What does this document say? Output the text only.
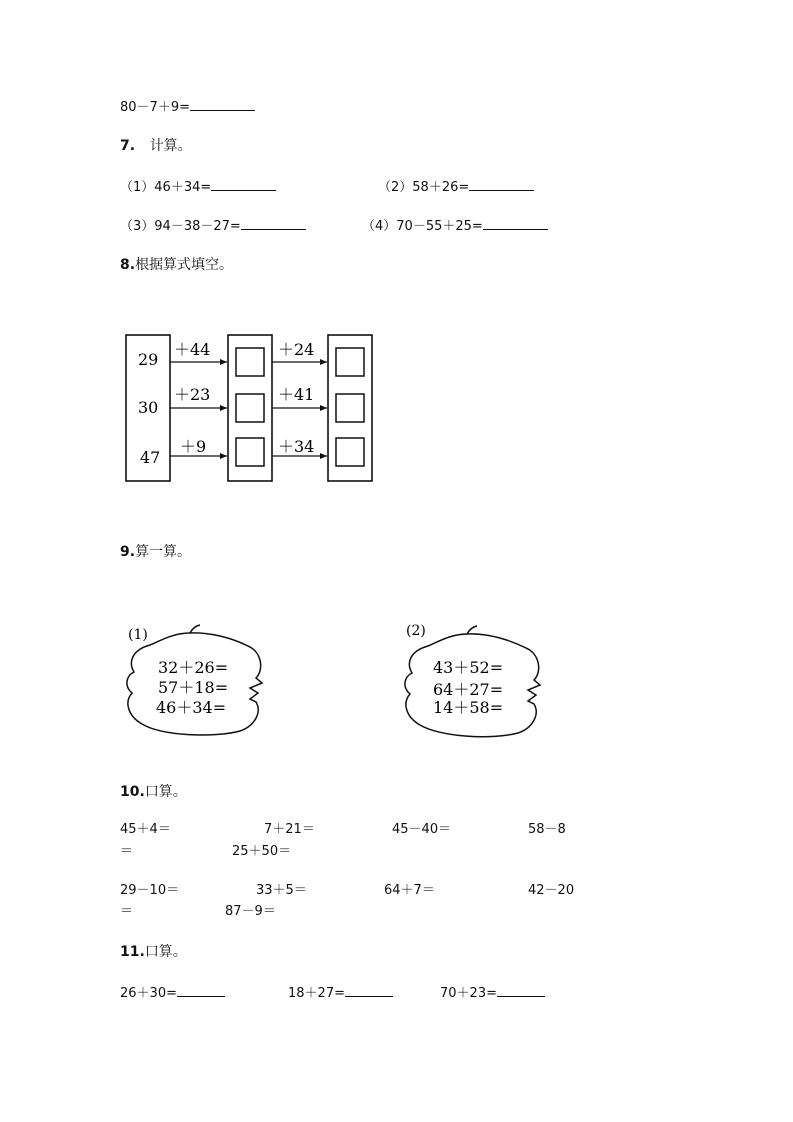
80－7＋9=
7. 计算。
（1）46＋34=	（2）58＋26=
（3）94－38－27=	（4）70－55＋25=
8.根据算式填空。
29
30
47
＋44
＋23
＋9
＋24
＋41
＋34
(1)
32＋26=
57＋18=
46＋34=
(2)
43＋52=
64＋27=
14＋58=
9.算一算。
10.口算。
45＋4＝	7＋21＝	45－40＝	58－8
＝	25＋50＝
29－10＝	33＋5＝	64＋7＝	42－20
＝	87－9＝
11.口算。
26＋30=	18＋27=	70＋23=
